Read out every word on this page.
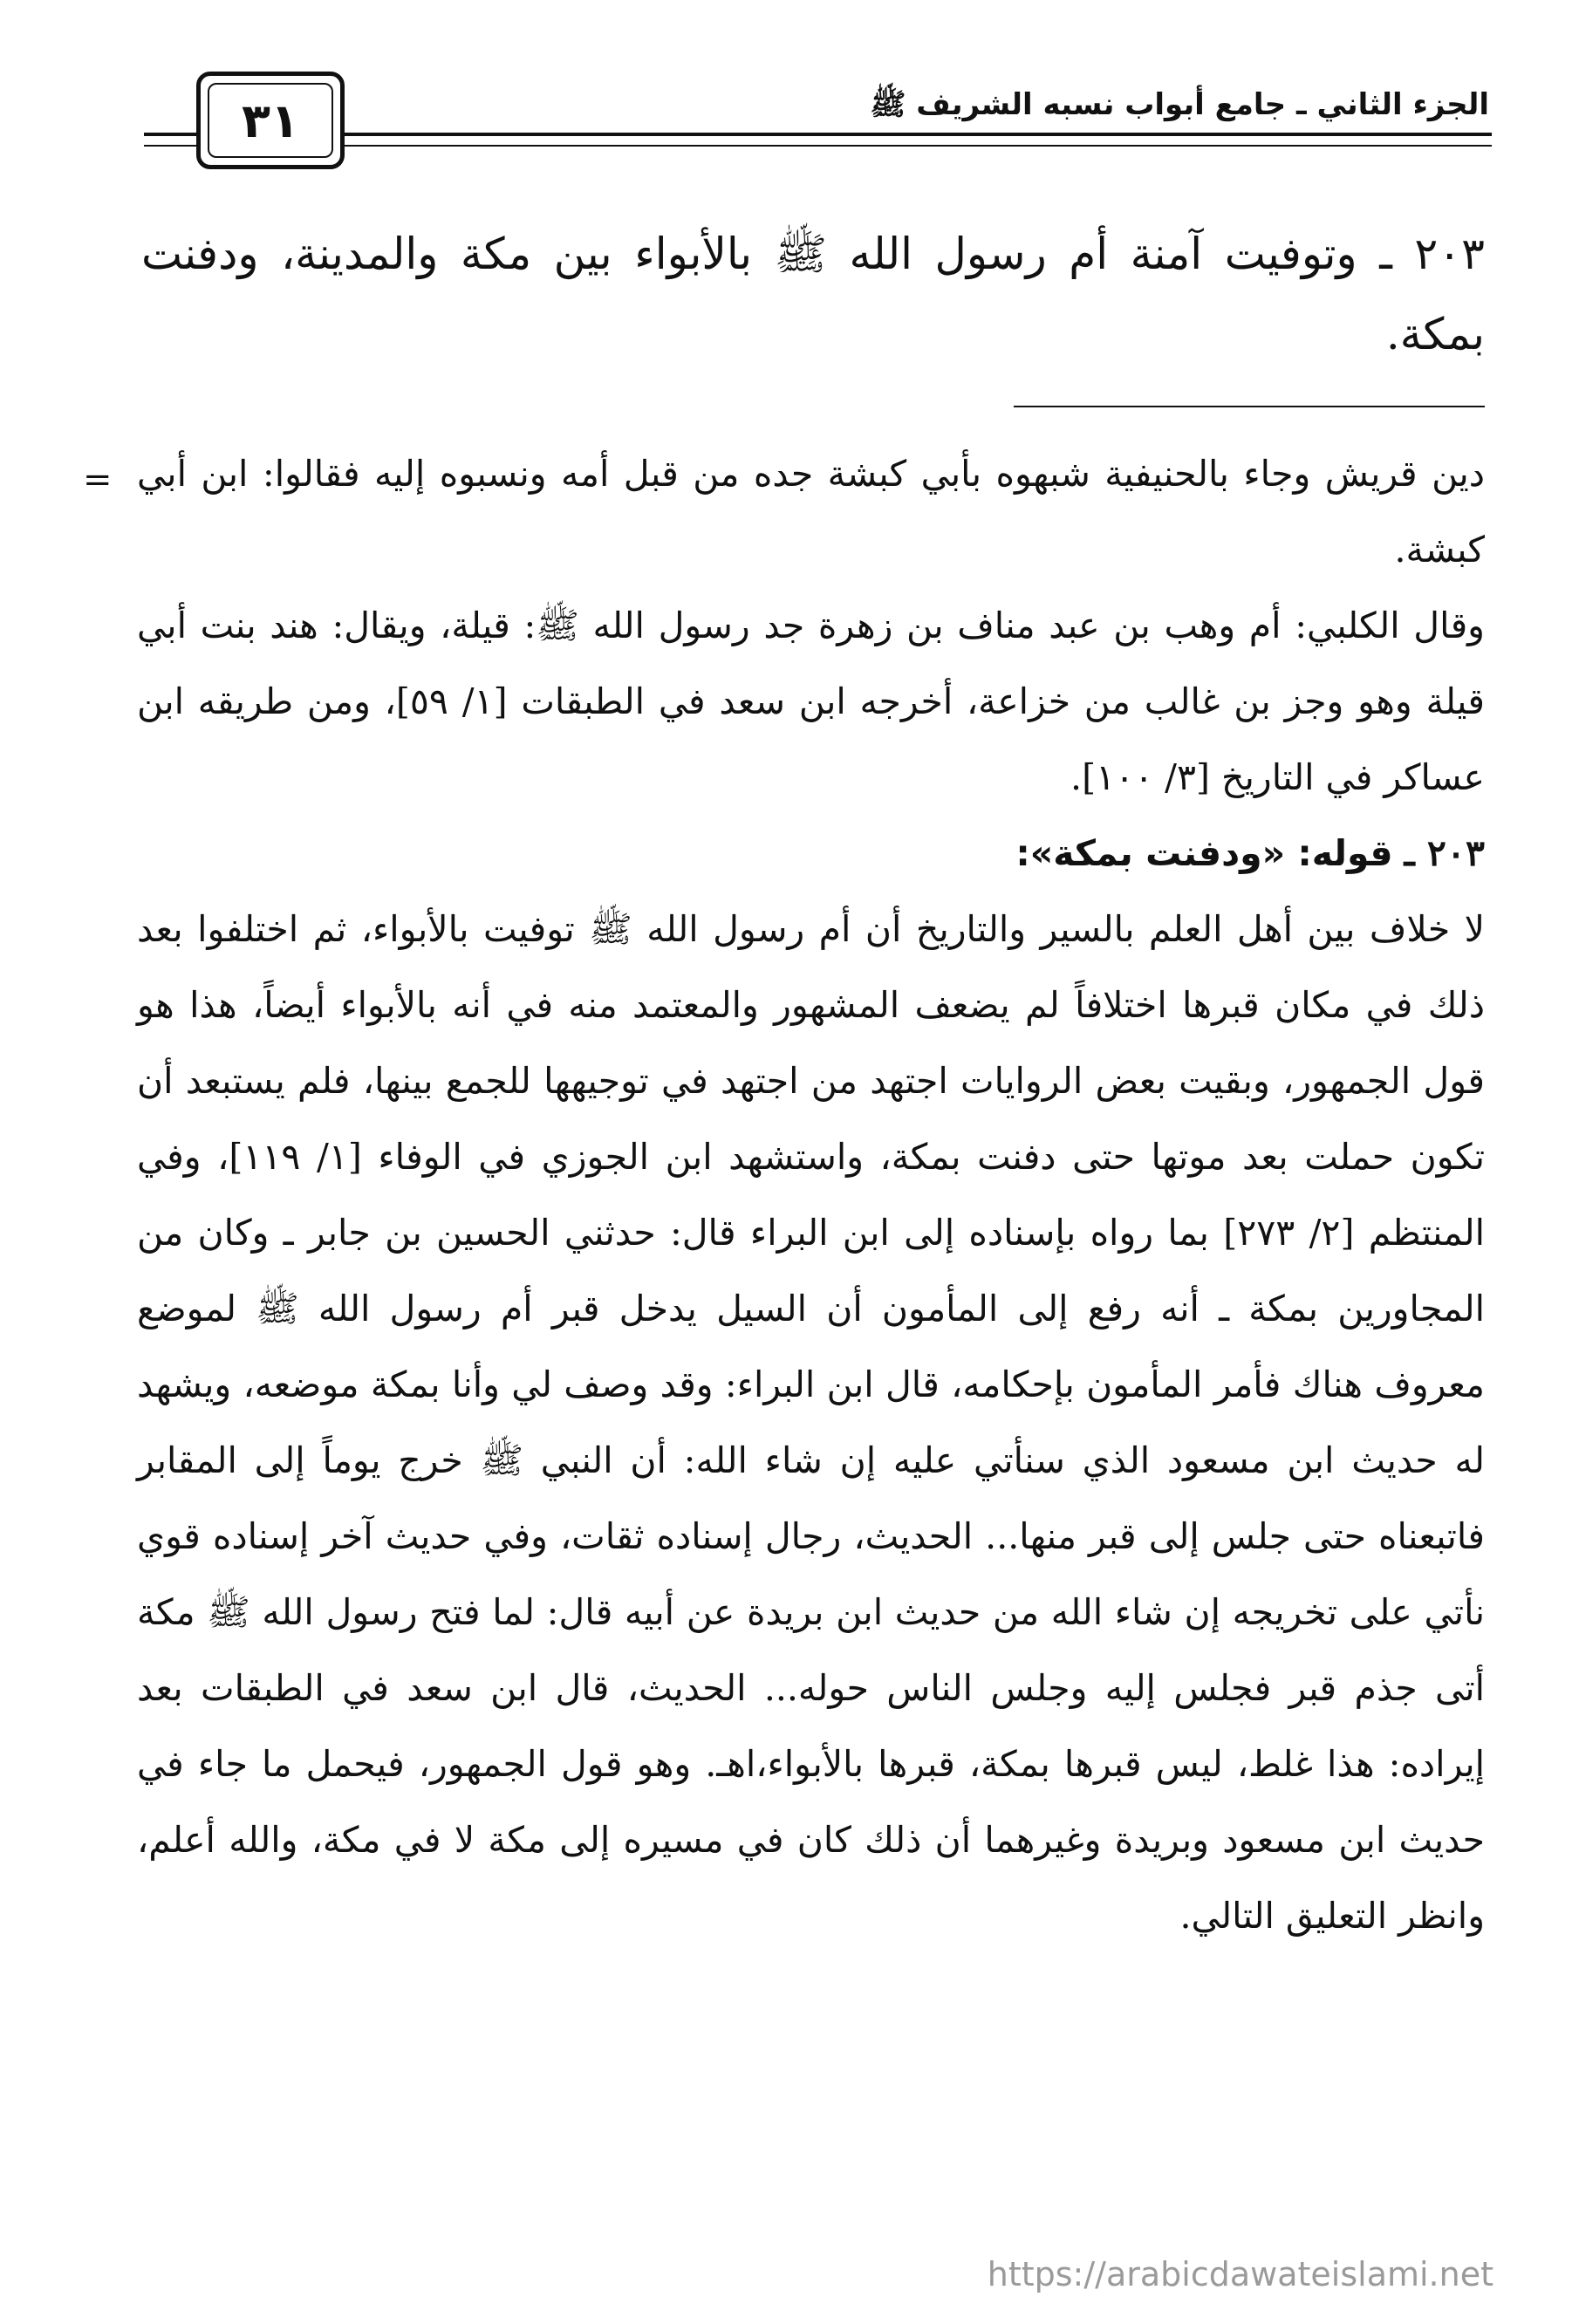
الجزء الثاني ـ جامع أبواب نسبه الشريف ﷺ
٣١

٢٠٣ ـ وتوفيت آمنة أم رسول الله ﷺ بالأبواء بين مكة والمدينة، ودفنت بمكة.

= دين قريش وجاء بالحنيفية شبهوه بأبي كبشة جده من قبل أمه ونسبوه إليه فقالوا: ابن أبي كبشة.

وقال الكلبي: أم وهب بن عبد مناف بن زهرة جد رسول الله ﷺ: قيلة، ويقال: هند بنت أبي قيلة وهو وجز بن غالب من خزاعة، أخرجه ابن سعد في الطبقات [١/ ٥٩]، ومن طريقه ابن عساكر في التاريخ [٣/ ١٠٠].

٢٠٣ ـ قوله: «ودفنت بمكة»:

لا خلاف بين أهل العلم بالسير والتاريخ أن أم رسول الله ﷺ توفيت بالأبواء، ثم اختلفوا بعد ذلك في مكان قبرها اختلافاً لم يضعف المشهور والمعتمد منه في أنه بالأبواء أيضاً، هذا هو قول الجمهور، وبقيت بعض الروايات اجتهد من اجتهد في توجيهها للجمع بينها، فلم يستبعد أن تكون حملت بعد موتها حتى دفنت بمكة، واستشهد ابن الجوزي في الوفاء [١/ ١١٩]، وفي المنتظم [٢/ ٢٧٣] بما رواه بإسناده إلى ابن البراء قال: حدثني الحسين بن جابر ـ وكان من المجاورين بمكة ـ أنه رفع إلى المأمون أن السيل يدخل قبر أم رسول الله ﷺ لموضع معروف هناك فأمر المأمون بإحكامه، قال ابن البراء: وقد وصف لي وأنا بمكة موضعه، ويشهد له حديث ابن مسعود الذي سنأتي عليه إن شاء الله: أن النبي ﷺ خرج يوماً إلى المقابر فاتبعناه حتى جلس إلى قبر منها... الحديث، رجال إسناده ثقات، وفي حديث آخر إسناده قوي نأتي على تخريجه إن شاء الله من حديث ابن بريدة عن أبيه قال: لما فتح رسول الله ﷺ مكة أتى جذم قبر فجلس إليه وجلس الناس حوله... الحديث، قال ابن سعد في الطبقات بعد إيراده: هذا غلط، ليس قبرها بمكة، قبرها بالأبواء،اهـ. وهو قول الجمهور، فيحمل ما جاء في حديث ابن مسعود وبريدة وغيرهما أن ذلك كان في مسيره إلى مكة لا في مكة، والله أعلم، وانظر التعليق التالي.

https://arabicdawateislami.net
